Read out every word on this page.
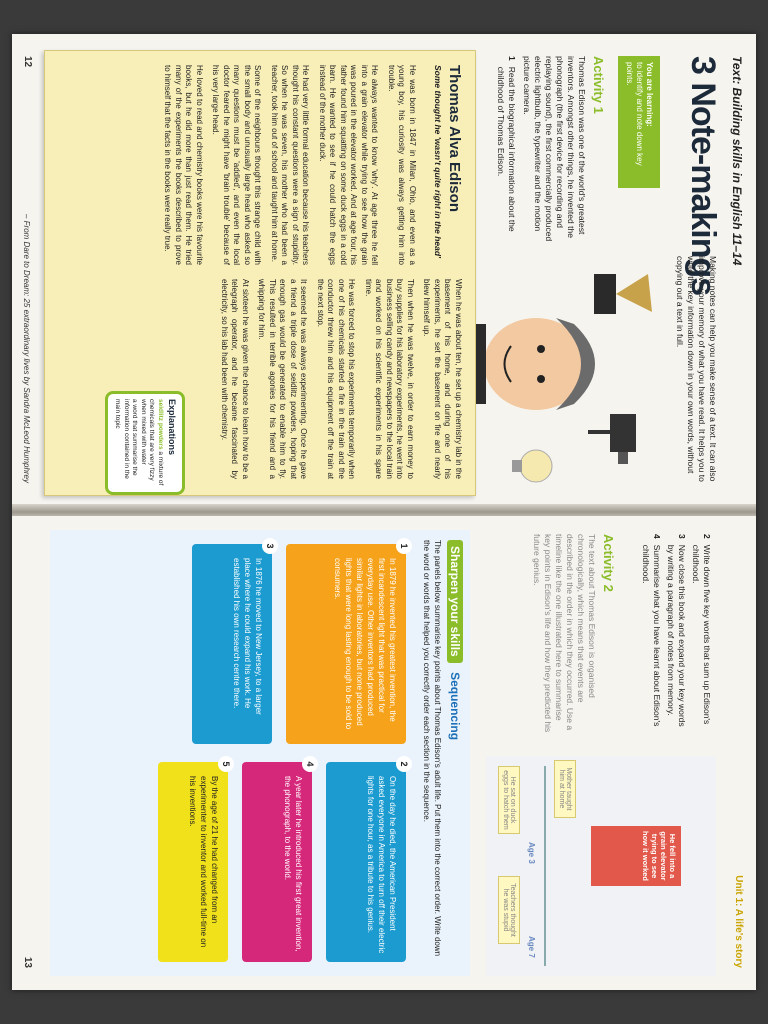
Text: Building skills in English 11–14
3 Note-makings
Making notes can help you make sense of a text. It can also improve your memory of what you have read. It helps you to write the key information down in your own words, without copying out a text in full.
You are learning:
to identify and note down key points.
Activity 1
Thomas Edison was one of the world's greatest inventors. Amongst other things, he invented the phonograph (the first device for recording and replaying sound), the first commercially produced electric lightbulb, the typewriter and the motion picture camera.
1
Read the biographical information about the childhood of Thomas Edison.
Thomas Alva Edison
Some thought he 'wasn't quite right in the head'

He was born in 1847 in Milan, Ohio, and even as a young boy, his curiosity was always getting him into trouble.

He always wanted to know 'why'. At age three he fell into a grain elevator while trying to see how the grain was poured in the elevator worked. And at age four, his father found him squatting on some duck eggs in a cold barn. He wanted to see if he could hatch the eggs instead of the mother duck.

He had very little formal education because his teachers thought his constant questions were a sign of stupidity. So when he was seven, his mother who had been a teacher, took him out of school and taught him at home.

Some of the neighbours thought this strange child with the small body and unusually large head who asked so many questions must be 'addled', and even the local doctor feared he might have 'brain trouble' because of his very large head.

He loved to read and chemistry books were his favourite books, but he did more than just read them. He tried many of the experiments the books described to prove to himself that the facts in the books were really true.

When he was about ten, he set up a chemistry lab in the basement of his home, and during one of his experiments, he set the basement on fire and nearly blew himself up.

Then when he was twelve, in order to earn money to buy supplies for his laboratory experiments, he went into business selling candy and newspapers to the local train and worked on his scientific experiments in his spare time.

He was forced to stop his experiments temporarily when one of his chemicals started a fire in the train and the conductor threw him and his equipment off the train at the next stop.

It seemed he was always experimenting. Once he gave a friend a triple dose of seidlitz powders, hoping that enough gas would be generated to enable him to fly. This resulted in terrible agonies for his friend and a whipping for him.

At sixteen he was given the chance to learn how to be a telegraph operator, and he became fascinated by electricity, so his lab had been with chemistry.

Explanations
seidlitz powders a mixture of chemicals that are very fizzy when mixed with water
a word that summarise the information contained in the main topic
12
– From Dare to Dream: 25 extraordinary lives by Sandra McLeod Humphrey
Unit 1: A life's story
2
Write down five key words that sum up Edison's childhood.
3
Now close this book and expand your key words by writing a paragraph of notes from memory.
4
Summarise what you have learnt about Edison's childhood.
Activity 2
The text about Thomas Edison is organised chronologically, which means that events are described in the order in which they occurred. Use a timeline like the one illustrated here to summarise key points in Edison's life and how they predicted his future genius.
He fell into a grain elevator trying to see how it worked
Age 3
Age 7
Mother taught him at home
He sat on duck eggs to hatch them
Teachers thought he was stupid
Sharpen your skills Sequencing
The panels below summarise key points about Thomas Edison's adult life. Put them into the correct order. Write down the word or words that helped you correctly order each section in the sequence.
1
In 1879 he invented his greatest invention, the first incandescent light that was practical for everyday use. Other inventors had produced similar lights in laboratories, but none produced lights that were long lasting enough to be sold to consumers.
2
On the day he died, the American President asked everyone in America to turn off their electric lights for one hour, as a tribute to his genius.
3
In 1876 he moved to New Jersey, to a larger place where he could expand his work. He established his own research centre there.
4
A year later he introduced his first great invention, the phonograph, to the world.
5
By the age of 21 he had changed from an experimenter to inventor and worked full-time on his inventions.
13
